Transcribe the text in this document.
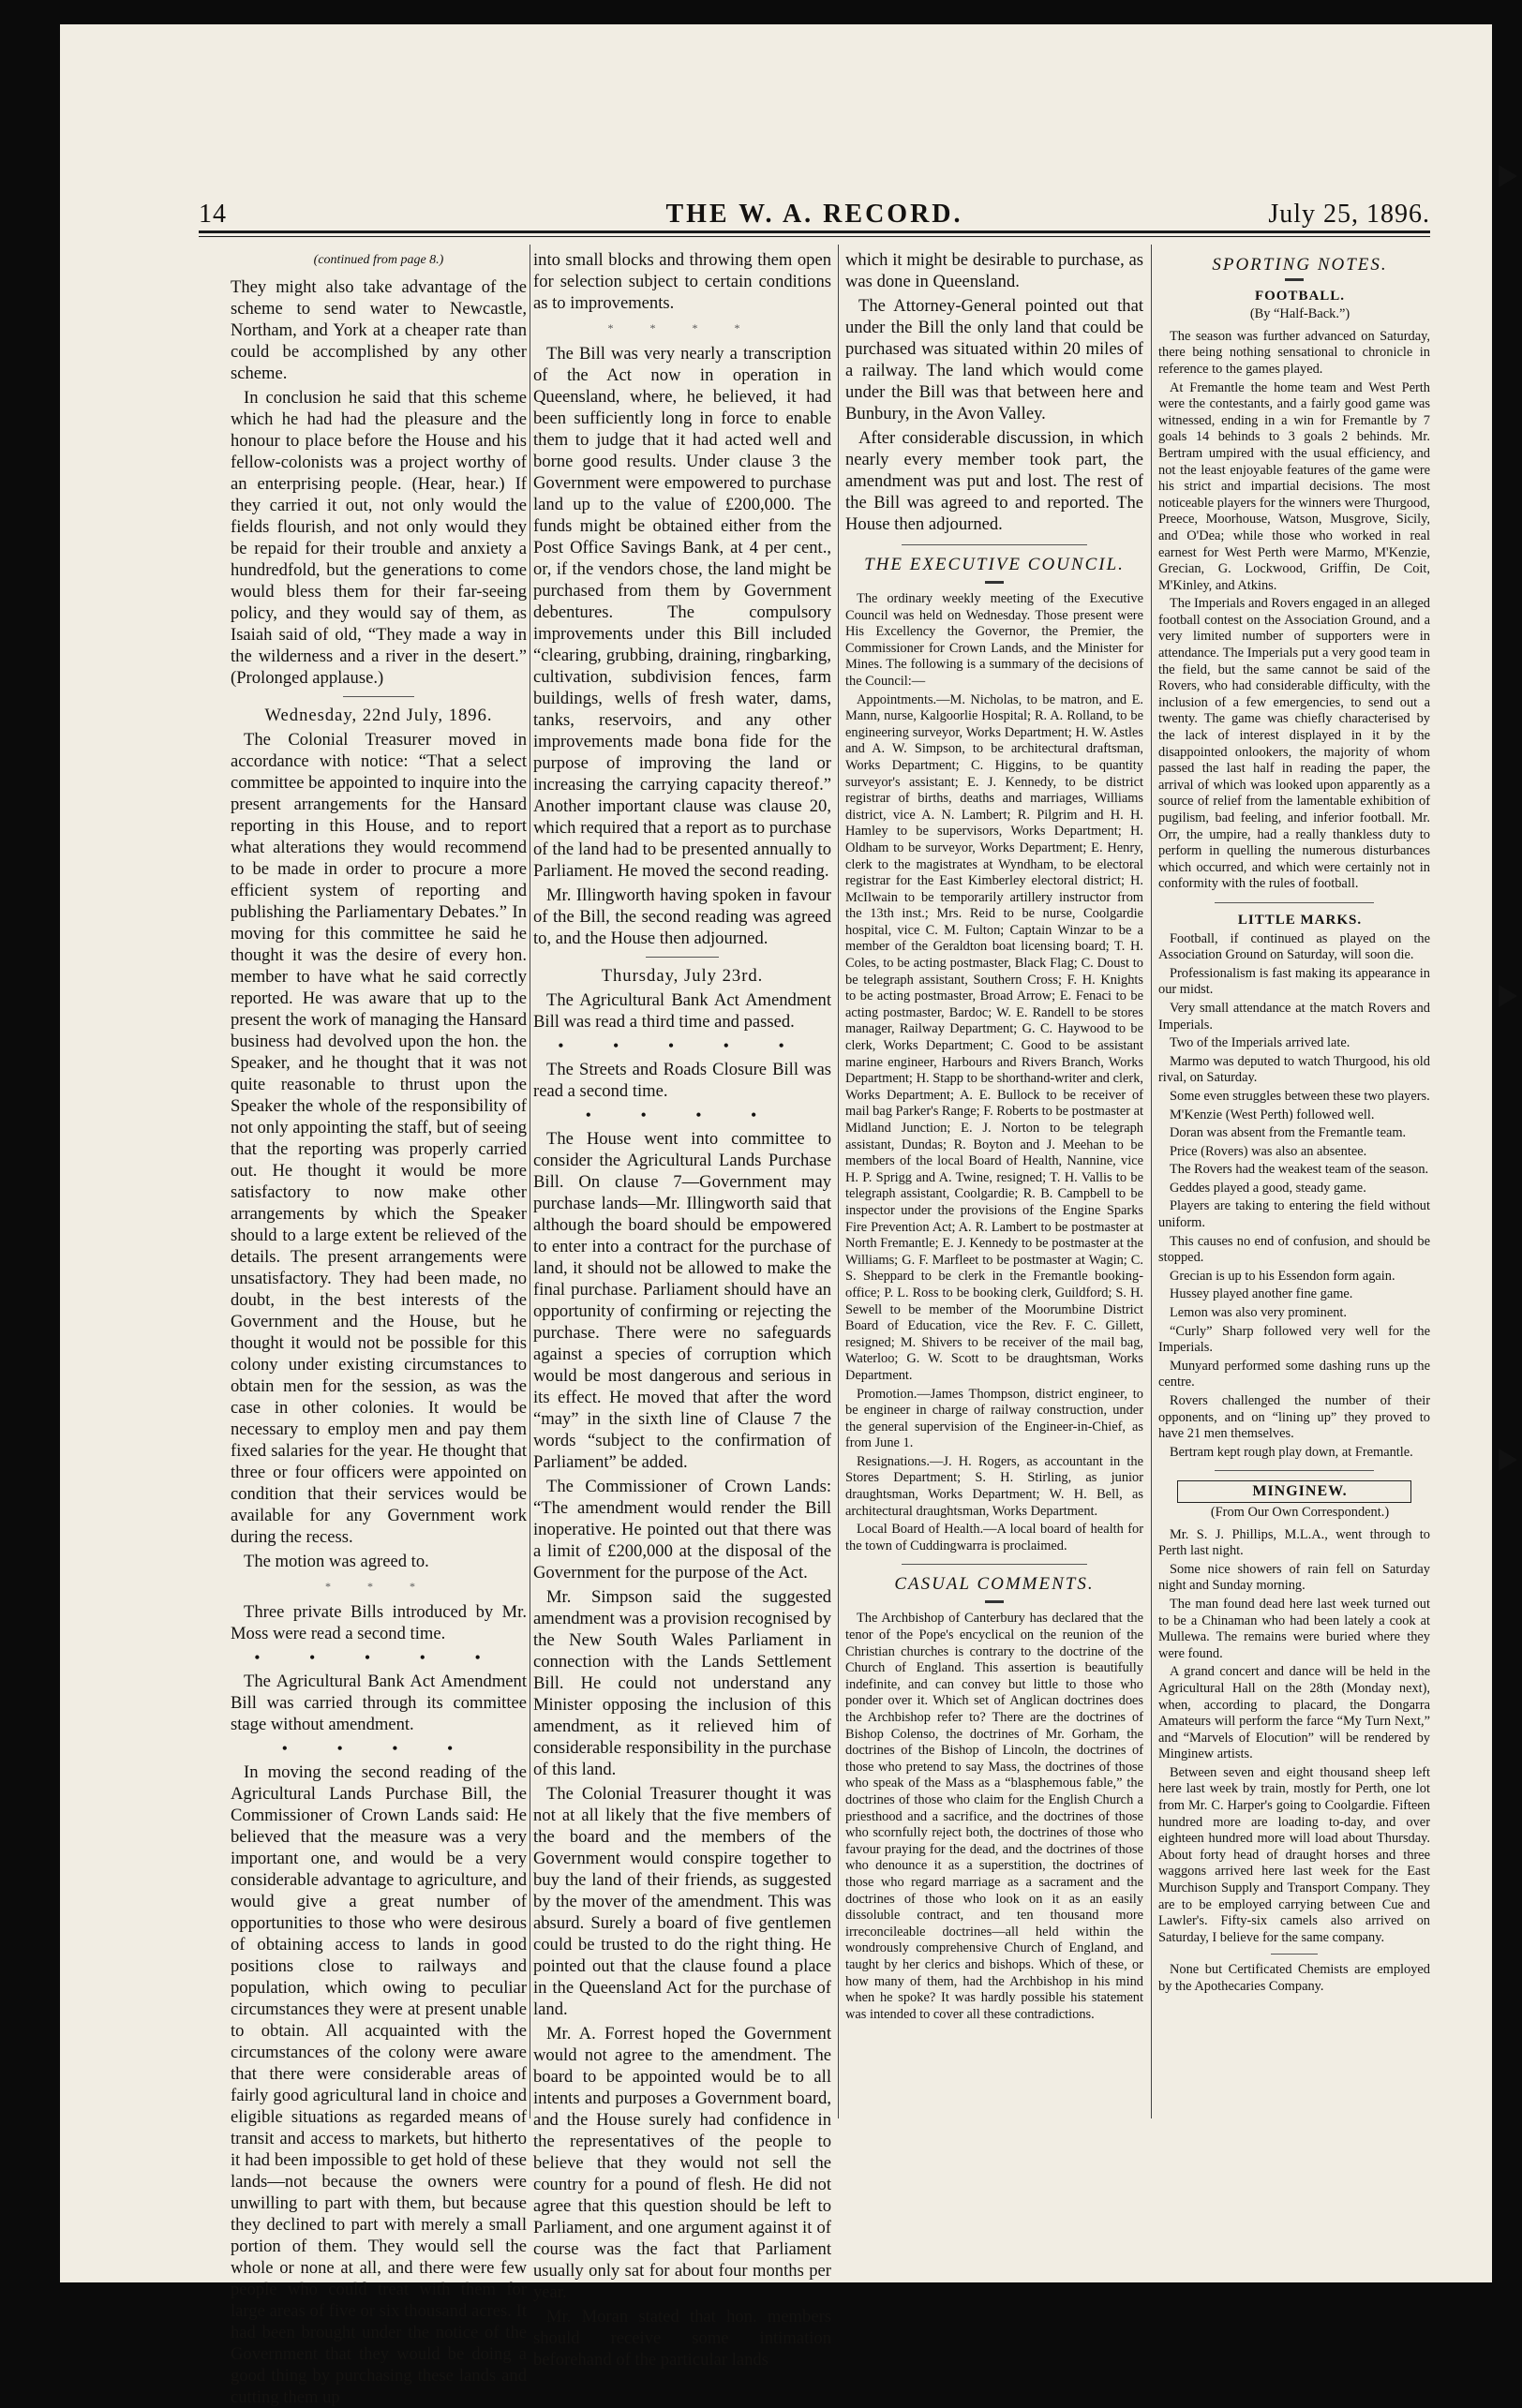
14	THE W. A. RECORD.	July 25, 1896.

(continued from page 8.)

They might also take advantage of the scheme to send water to Newcastle, Northam, and York at a cheaper rate than could be accomplished by any other scheme.

In conclusion he said that this scheme which he had had the pleasure and the honour to place before the House and his fellow-colonists was a project worthy of an enterprising people. (Hear, hear.) If they carried it out, not only would the fields flourish, and not only would they be repaid for their trouble and anxiety a hundredfold, but the generations to come would bless them for their far-seeing policy, and they would say of them, as Isaiah said of old, “They made a way in the wilderness and a river in the desert.” (Prolonged applause.)

Wednesday, 22nd July, 1896.

The Colonial Treasurer moved in accordance with notice: “That a select committee be appointed to inquire into the present arrangements for the Hansard reporting in this House, and to report what alterations they would recommend to be made in order to procure a more efficient system of reporting and publishing the Parliamentary Debates.” In moving for this committee he said he thought it was the desire of every hon. member to have what he said correctly reported. He was aware that up to the present the work of managing the Hansard business had devolved upon the hon. the Speaker, and he thought that it was not quite reasonable to thrust upon the Speaker the whole of the responsibility of not only appointing the staff, but of seeing that the reporting was properly carried out. He thought it would be more satisfactory to now make other arrangements by which the Speaker should to a large extent be relieved of the details. The present arrangements were unsatisfactory. They had been made, no doubt, in the best interests of the Government and the House, but he thought it would not be possible for this colony under existing circumstances to obtain men for the session, as was the case in other colonies. It would be necessary to employ men and pay them fixed salaries for the year. He thought that three or four officers were appointed on condition that their services would be available for any Government work during the recess.

The motion was agreed to.

* * *

Three private Bills introduced by Mr. Moss were read a second time.

• • • • •

The Agricultural Bank Act Amendment Bill was carried through its committee stage without amendment.

• • • •

In moving the second reading of the Agricultural Lands Purchase Bill, the Commissioner of Crown Lands said: He believed that the measure was a very important one, and would be a very considerable advantage to agriculture, and would give a great number of opportunities to those who were desirous of obtaining access to lands in good positions close to railways and population, which owing to peculiar circumstances they were at present unable to obtain. All acquainted with the circumstances of the colony were aware that there were considerable areas of fairly good agricultural land in choice and eligible situations as regarded means of transit and access to markets, but hitherto it had been impossible to get hold of these lands—not because the owners were unwilling to part with them, but because they declined to part with merely a small portion of them. They would sell the whole or none at all, and there were few people who could treat with them for large areas of five or six thousand acres. It had been brought under the notice of the Government that they would be doing a good thing by purchasing these lands and cutting them up

into small blocks and throwing them open for selection subject to certain conditions as to improvements.

* * * *

The Bill was very nearly a transcription of the Act now in operation in Queensland, where, he believed, it had been sufficiently long in force to enable them to judge that it had acted well and borne good results. Under clause 3 the Government were empowered to purchase land up to the value of £200,000. The funds might be obtained either from the Post Office Savings Bank, at 4 per cent., or, if the vendors chose, the land might be purchased from them by Government debentures. The compulsory improvements under this Bill included “clearing, grubbing, draining, ringbarking, cultivation, subdivision fences, farm buildings, wells of fresh water, dams, tanks, reservoirs, and any other improvements made bona fide for the purpose of improving the land or increasing the carrying capacity thereof.” Another important clause was clause 20, which required that a report as to purchase of the land had to be presented annually to Parliament. He moved the second reading.

Mr. Illingworth having spoken in favour of the Bill, the second reading was agreed to, and the House then adjourned.

Thursday, July 23rd.

The Agricultural Bank Act Amendment Bill was read a third time and passed.

• • • • •

The Streets and Roads Closure Bill was read a second time.

• • • •

The House went into committee to consider the Agricultural Lands Purchase Bill. On clause 7—Government may purchase lands—Mr. Illingworth said that although the board should be empowered to enter into a contract for the purchase of land, it should not be allowed to make the final purchase. Parliament should have an opportunity of confirming or rejecting the purchase. There were no safeguards against a species of corruption which would be most dangerous and serious in its effect. He moved that after the word “may” in the sixth line of Clause 7 the words “subject to the confirmation of Parliament” be added.

The Commissioner of Crown Lands: “The amendment would render the Bill inoperative. He pointed out that there was a limit of £200,000 at the disposal of the Government for the purpose of the Act.

Mr. Simpson said the suggested amendment was a provision recognised by the New South Wales Parliament in connection with the Lands Settlement Bill. He could not understand any Minister opposing the inclusion of this amendment, as it relieved him of considerable responsibility in the purchase of this land.

The Colonial Treasurer thought it was not at all likely that the five members of the board and the members of the Government would conspire together to buy the land of their friends, as suggested by the mover of the amendment. This was absurd. Surely a board of five gentlemen could be trusted to do the right thing. He pointed out that the clause found a place in the Queensland Act for the purchase of land.

Mr. A. Forrest hoped the Government would not agree to the amendment. The board to be appointed would be to all intents and purposes a Government board, and the House surely had confidence in the representatives of the people to believe that they would not sell the country for a pound of flesh. He did not agree that this question should be left to Parliament, and one argument against it of course was the fact that Parliament usually only sat for about four months per year.

Mr. Moran stated that hon. members should receive some intimation beforehand of the particular lands

which it might be desirable to purchase, as was done in Queensland.

The Attorney-General pointed out that under the Bill the only land that could be purchased was situated within 20 miles of a railway. The land which would come under the Bill was that between here and Bunbury, in the Avon Valley.

After considerable discussion, in which nearly every member took part, the amendment was put and lost. The rest of the Bill was agreed to and reported. The House then adjourned.

THE EXECUTIVE COUNCIL.

The ordinary weekly meeting of the Executive Council was held on Wednesday. Those present were His Excellency the Governor, the Premier, the Commissioner for Crown Lands, and the Minister for Mines. The following is a summary of the decisions of the Council:—

Appointments.—M. Nicholas, to be matron, and E. Mann, nurse, Kalgoorlie Hospital; R. A. Rolland, to be engineering surveyor, Works Department; H. W. Astles and A. W. Simpson, to be architectural draftsman, Works Department; C. Higgins, to be quantity surveyor's assistant; E. J. Kennedy, to be district registrar of births, deaths and marriages, Williams district, vice A. N. Lambert; R. Pilgrim and H. H. Hamley to be supervisors, Works Department; H. Oldham to be surveyor, Works Department; E. Henry, clerk to the magistrates at Wyndham, to be electoral registrar for the East Kimberley electoral district; H. McIlwain to be temporarily artillery instructor from the 13th inst.; Mrs. Reid to be nurse, Coolgardie hospital, vice C. M. Fulton; Captain Winzar to be a member of the Geraldton boat licensing board; T. H. Coles, to be acting postmaster, Black Flag; C. Doust to be telegraph assistant, Southern Cross; F. H. Knights to be acting postmaster, Broad Arrow; E. Fenaci to be acting postmaster, Bardoc; W. E. Randell to be stores manager, Railway Department; G. C. Haywood to be clerk, Works Department; C. Good to be assistant marine engineer, Harbours and Rivers Branch, Works Department; H. Stapp to be shorthand-writer and clerk, Works Department; A. E. Bullock to be receiver of mail bag Parker's Range; F. Roberts to be postmaster at Midland Junction; E. J. Norton to be telegraph assistant, Dundas; R. Boyton and J. Meehan to be members of the local Board of Health, Nannine, vice H. P. Sprigg and A. Twine, resigned; T. H. Vallis to be telegraph assistant, Coolgardie; R. B. Campbell to be inspector under the provisions of the Engine Sparks Fire Prevention Act; A. R. Lambert to be postmaster at North Fremantle; E. J. Kennedy to be postmaster at the Williams; G. F. Marfleet to be postmaster at Wagin; C. S. Sheppard to be clerk in the Fremantle booking-office; P. L. Ross to be booking clerk, Guildford; S. H. Sewell to be member of the Moorumbine District Board of Education, vice the Rev. F. C. Gillett, resigned; M. Shivers to be receiver of the mail bag, Waterloo; G. W. Scott to be draughtsman, Works Department.

Promotion.—James Thompson, district engineer, to be engineer in charge of railway construction, under the general supervision of the Engineer-in-Chief, as from June 1.

Resignations.—J. H. Rogers, as accountant in the Stores Department; S. H. Stirling, as junior draughtsman, Works Department; W. H. Bell, as architectural draughtsman, Works Department.

Local Board of Health.—A local board of health for the town of Cuddingwarra is proclaimed.

CASUAL COMMENTS.

The Archbishop of Canterbury has declared that the tenor of the Pope's encyclical on the reunion of the Christian churches is contrary to the doctrine of the Church of England. This assertion is beautifully indefinite, and can convey but little to those who ponder over it. Which set of Anglican doctrines does the Archbishop refer to? There are the doctrines of Bishop Colenso, the doctrines of Mr. Gorham, the doctrines of the Bishop of Lincoln, the doctrines of those who pretend to say Mass, the doctrines of those who speak of the Mass as a “blasphemous fable,” the doctrines of those who claim for the English Church a priesthood and a sacrifice, and the doctrines of those who scornfully reject both, the doctrines of those who favour praying for the dead, and the doctrines of those who denounce it as a superstition, the doctrines of those who regard marriage as a sacrament and the doctrines of those who look on it as an easily dissoluble contract, and ten thousand more irreconcileable doctrines—all held within the wondrously comprehensive Church of England, and taught by her clerics and bishops. Which of these, or how many of them, had the Archbishop in his mind when he spoke? It was hardly possible his statement was intended to cover all these contradictions.

SPORTING NOTES.

FOOTBALL.

(By “Half-Back.”)

The season was further advanced on Saturday, there being nothing sensational to chronicle in reference to the games played.

At Fremantle the home team and West Perth were the contestants, and a fairly good game was witnessed, ending in a win for Fremantle by 7 goals 14 behinds to 3 goals 2 behinds. Mr. Bertram umpired with the usual efficiency, and not the least enjoyable features of the game were his strict and impartial decisions. The most noticeable players for the winners were Thurgood, Preece, Moorhouse, Watson, Musgrove, Sicily, and O'Dea; while those who worked in real earnest for West Perth were Marmo, M'Kenzie, Grecian, G. Lockwood, Griffin, De Coit, M'Kinley, and Atkins.

The Imperials and Rovers engaged in an alleged football contest on the Association Ground, and a very limited number of supporters were in attendance. The Imperials put a very good team in the field, but the same cannot be said of the Rovers, who had considerable difficulty, with the inclusion of a few emergencies, to send out a twenty. The game was chiefly characterised by the lack of interest displayed in it by the disappointed onlookers, the majority of whom passed the last half in reading the paper, the arrival of which was looked upon apparently as a source of relief from the lamentable exhibition of pugilism, bad feeling, and inferior football. Mr. Orr, the umpire, had a really thankless duty to perform in quelling the numerous disturbances which occurred, and which were certainly not in conformity with the rules of football.

LITTLE MARKS.

Football, if continued as played on the Association Ground on Saturday, will soon die.

Professionalism is fast making its appearance in our midst.

Very small attendance at the match Rovers and Imperials.

Two of the Imperials arrived late.

Marmo was deputed to watch Thurgood, his old rival, on Saturday.

Some even struggles between these two players.

M'Kenzie (West Perth) followed well.

Doran was absent from the Fremantle team.

Price (Rovers) was also an absentee.

The Rovers had the weakest team of the season.

Geddes played a good, steady game.

Players are taking to entering the field without uniform.

This causes no end of confusion, and should be stopped.

Grecian is up to his Essendon form again.

Hussey played another fine game.

Lemon was also very prominent.

“Curly” Sharp followed very well for the Imperials.

Munyard performed some dashing runs up the centre.

Rovers challenged the number of their opponents, and on “lining up” they proved to have 21 men themselves.

Bertram kept rough play down, at Fremantle.

MINGINEW.

(From Our Own Correspondent.)

Mr. S. J. Phillips, M.L.A., went through to Perth last night.

Some nice showers of rain fell on Saturday night and Sunday morning.

The man found dead here last week turned out to be a Chinaman who had been lately a cook at Mullewa. The remains were buried where they were found.

A grand concert and dance will be held in the Agricultural Hall on the 28th (Monday next), when, according to placard, the Dongarra Amateurs will perform the farce “My Turn Next,” and “Marvels of Elocution” will be rendered by Minginew artists.

Between seven and eight thousand sheep left here last week by train, mostly for Perth, one lot from Mr. C. Harper's going to Coolgardie. Fifteen hundred more are loading to-day, and over eighteen hundred more will load about Thursday. About forty head of draught horses and three waggons arrived here last week for the East Murchison Supply and Transport Company. They are to be employed carrying between Cue and Lawler's. Fifty-six camels also arrived on Saturday, I believe for the same company.

None but Certificated Chemists are employed by the Apothecaries Company.
